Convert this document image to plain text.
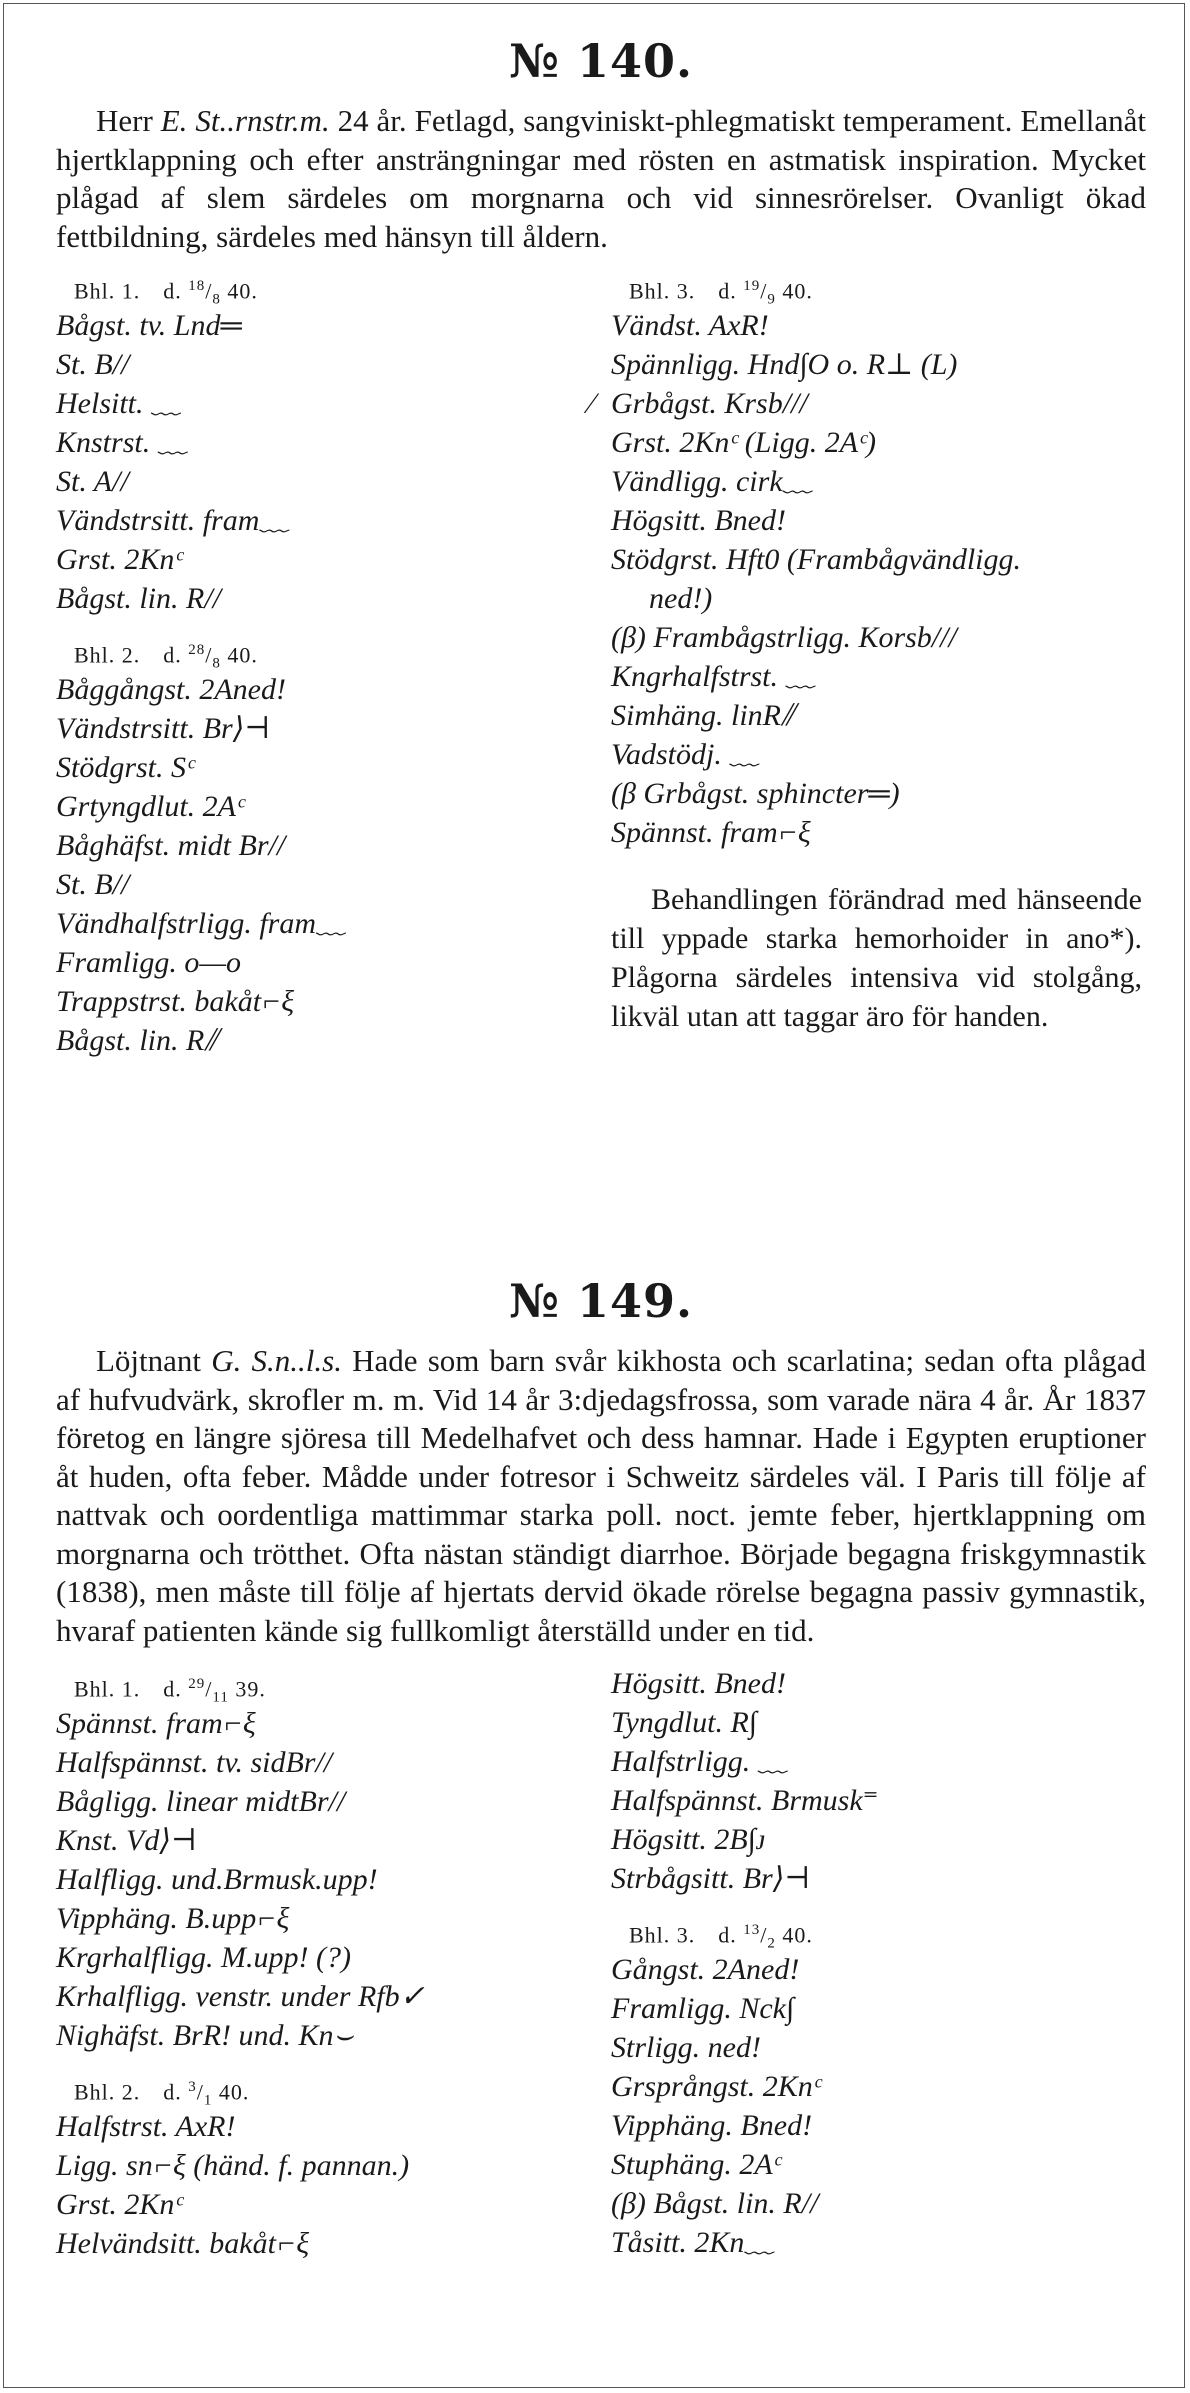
№ 140.

Herr E. St..rnstr.m. 24 år. Fetlagd, sangviniskt-phlegmatiskt temperament. Emellanåt hjertklappning och efter ansträngningar med rösten en astmatisk inspiration. Mycket plågad af slem särdeles om morgnarna och vid sinnesrörelser. Ovanligt ökad fettbildning, särdeles med hänsyn till åldern.

Bhl. 1.  d. $^{18}/_8$ 40.
Bågst. tv. Lnd═
St. B//
Helsitt. ﹏
Knstrst. ﹏
St. A//
Vändstrsitt. fram﹏
Grst. 2Knᶜ
Bågst. lin. R//
Bhl. 2.  d. $^{28}/_8$ 40.
Båggångst. 2Aned!
Vändstrsitt. Br⟩⊣
Stödgrst. Sᶜ
Grtyngdlut. 2Aᶜ
Båghäfst. midt Br//
St. B//
Vändhalfstrligg. fram﹏
Framligg. o—o
Trappstrst. bakåt⌐ξ
Bågst. lin. R⫽
Bhl. 3.  d. $^{19}/_9$ 40.
Vändst. AxR!
Spännligg. Hnd∫O o. R⊥ (L)
⁄ Grbågst. Krsb///
Grst. 2Knᶜ (Ligg. 2Aᶜ)
Vändligg. cirk﹏
Högsitt. Bned!
Stödgrst. Hft0 (Frambågvändligg.
ned!)
(β) Frambågstrligg. Korsb///
Kngrhalfstrst. ﹏
Simhäng. linR⫽
Vadstödj. ﹏
(β Grbågst. sphincter═)
Spännst. fram⌐ξ

Behandlingen förändrad med hänseende till yppade starka hemorhoider in ano*). Plågorna särdeles intensiva vid stolgång, likväl utan att taggar äro för handen.

№ 149.

Löjtnant G. S.n..l.s. Hade som barn svår kikhosta och scarlatina; sedan ofta plågad af hufvudvärk, skrofler m. m. Vid 14 år 3:djedagsfrossa, som varade nära 4 år. År 1837 företog en längre sjöresa till Medelhafvet och dess hamnar. Hade i Egypten eruptioner åt huden, ofta feber. Mådde under fotresor i Schweitz särdeles väl. I Paris till följe af nattvak och oordentliga mattimmar starka poll. noct. jemte feber, hjertklappning om morgnarna och trötthet. Ofta nästan ständigt diarrhoe. Började begagna friskgymnastik (1838), men måste till följe af hjertats dervid ökade rörelse begagna passiv gymnastik, hvaraf patienten kände sig fullkomligt återställd under en tid.

Bhl. 1.  d. $^{29}/_{11}$ 39.
Spännst. fram⌐ξ
Halfspännst. tv. sidBr//
Bågligg. linear midtBr//
Knst. Vd⟩⊣
Halfligg. und.Brmusk.upp!
Vipphäng. B.upp⌐ξ
Krgrhalfligg. M.upp! (?)
Krhalfligg. venstr. under Rfb✓
Nighäfst. BrR! und. Kn⌣
Bhl. 2.  d. $^3/_1$ 40.
Halfstrst. AxR!
Ligg. sn⌐ξ (händ. f. pannan.)
Grst. 2Knᶜ
Helvändsitt. bakåt⌐ξ
Högsitt. Bned!
Tyngdlut. R∫
Halfstrligg. ﹏
Halfspännst. Brmusk⁼
Högsitt. 2B∫ᴊ
Strbågsitt. Br⟩⊣
Bhl. 3.  d. $^{13}/_2$ 40.
Gångst. 2Aned!
Framligg. Nck∫
Strligg. ned!
Grsprångst. 2Knᶜ
Vipphäng. Bned!
Stuphäng. 2Aᶜ
(β) Bågst. lin. R//
Tåsitt. 2Kn﹏
